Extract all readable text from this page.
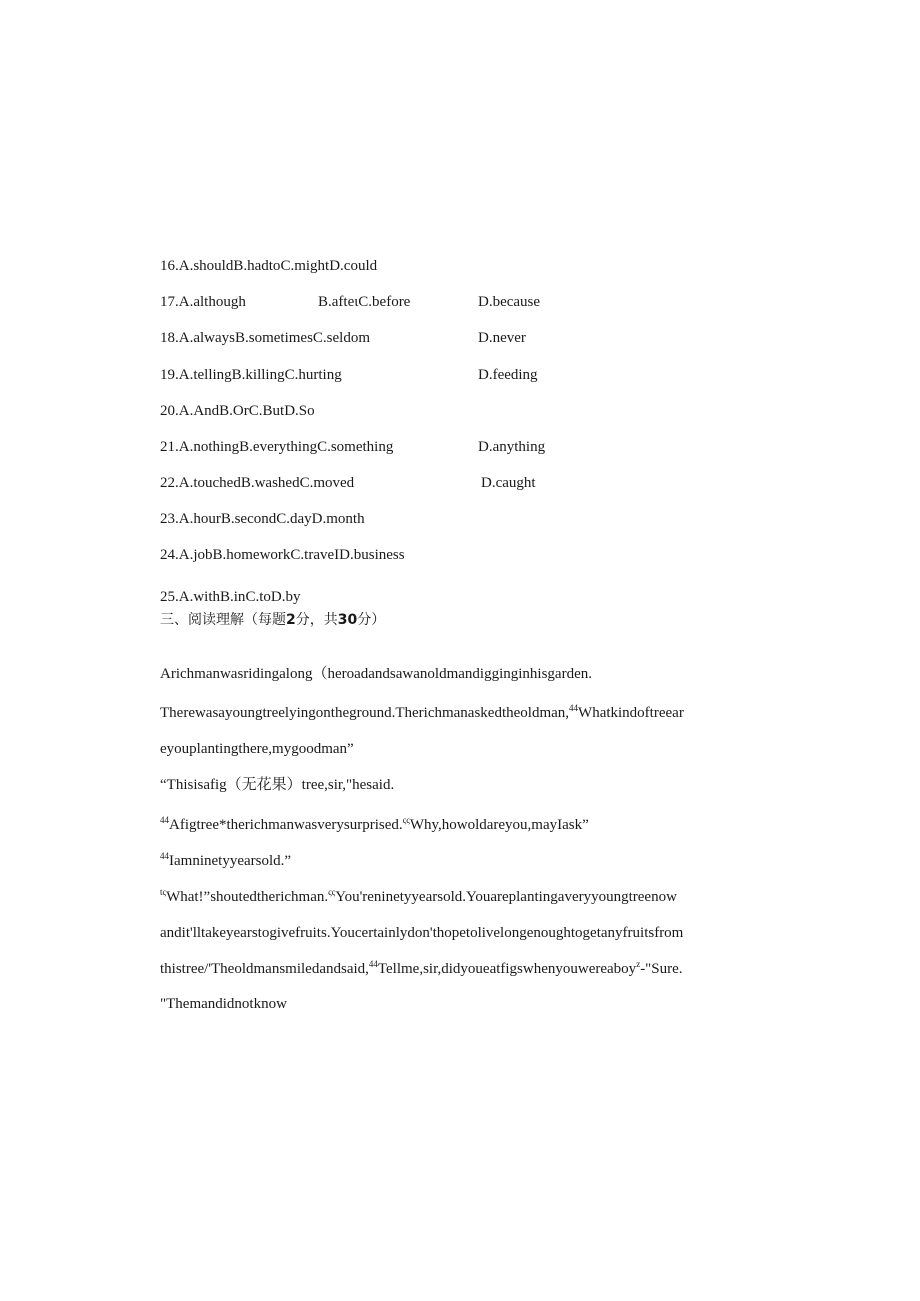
16.A.shouldB.hadtoC.mightD.could
17.A.although	B.afteιC.before	D.because
18.A.alwaysB.sometimesC.seldom	D.never
19.A.tellingB.killingC.hurting	D.feeding
20.A.AndB.OrC.ButD.So
21.A.nothingB.everythingC.something	D.anything
22.A.touchedB.washedC.moved	D.caught
23.A.hourB.secondC.dayD.month
24.A.jobB.homeworkC.traveID.business
25.A.withB.inC.toD.by
三、阅读理解（每题2分，共30分）
Arichmanwasridingalong（heroadandsawanoldmandigginginhisgarden.
Therewasayoungtreelyingontheground.Therichmanaskedtheoldman,$^{44}$Whatkindoftreear
eyouplantingthere,mygoodman”
“Thisisafig（无花果）tree,sir,"hesaid.
$^{44}$Afigtree*therichmanwasverysurprised.$^{\varsigma\varsigma}$Why,howoldareyou,mayIask”
$^{44}$Iamninetyyearsold.”
$^{t\varsigma}$What!”shoutedtherichman.$^{\varsigma\varsigma}$You'reninetyyearsold.Youareplantingaveryyoungtreenow
andit'lltakeyearstogivefruits.Youcertainlydon'thopetolivelongenoughtogetanyfruitsfrom
thistree/'Theoldmansmiledandsaid,$^{44}$Tellme,sir,didyoueatfigswhenyouwereaboy$^z$-"Sure.
"Themandidnotknow
